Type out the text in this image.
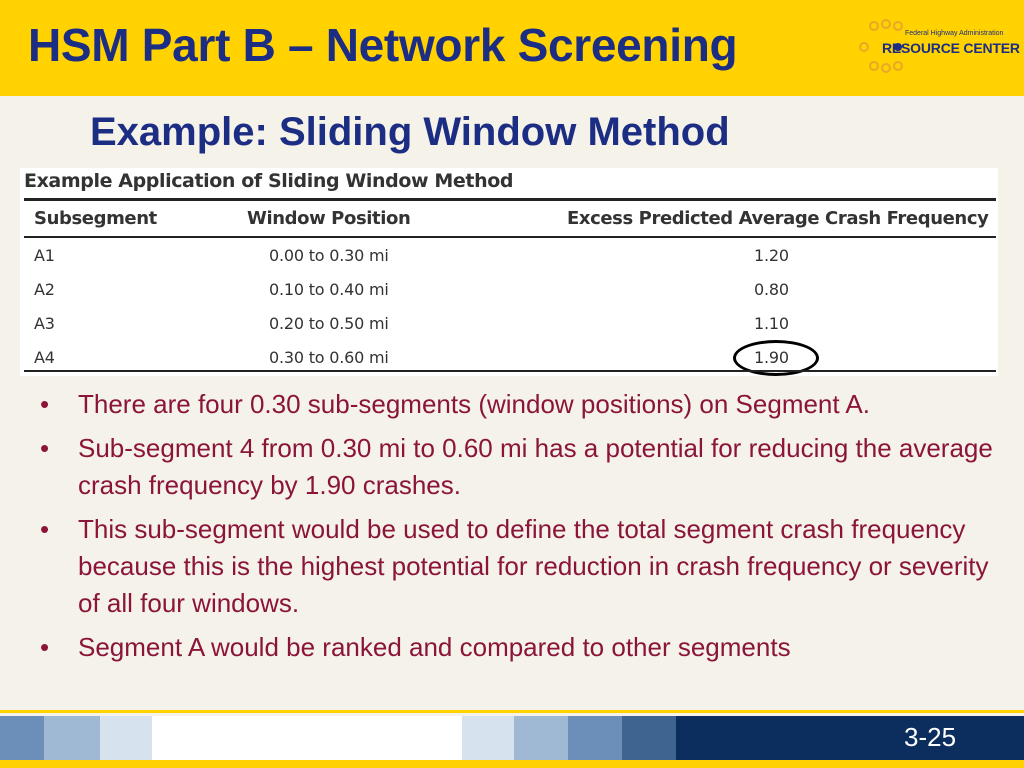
HSM Part B – Network Screening	Federal Highway Administration
RESOURCE CENTER
Example: Sliding Window Method
Example Application of Sliding Window Method
Subsegment	Window Position	Excess Predicted Average Crash Frequency
A1	0.00 to 0.30 mi	1.20
A2	0.10 to 0.40 mi	0.80
A3	0.20 to 0.50 mi	1.10
A4	0.30 to 0.60 mi	1.90
• There are four 0.30 sub-segments (window positions) on Segment A.
• Sub-segment 4 from 0.30 mi to 0.60 mi has a potential for reducing the average crash frequency by 1.90 crashes.
• This sub-segment would be used to define the total segment crash frequency because this is the highest potential for reduction in crash frequency or severity of all four windows.
• Segment A would be ranked and compared to other segments
3-25
